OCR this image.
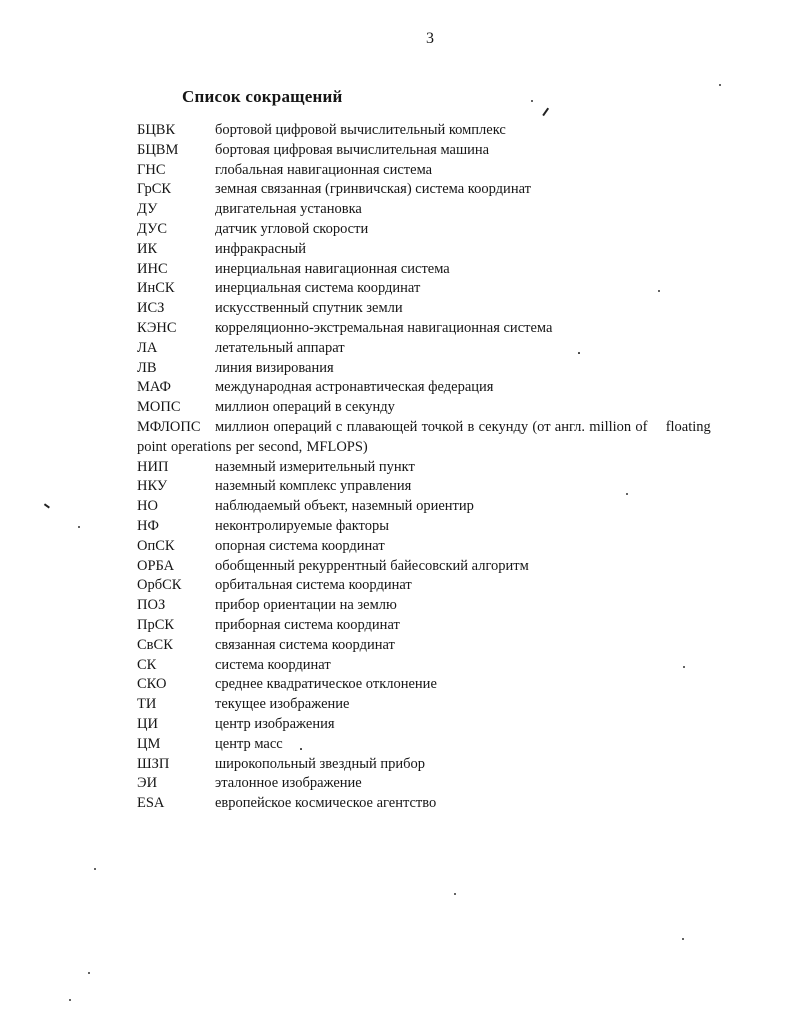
3
Список сокращений
БЦВК	бортовой цифровой вычислительный комплекс
БЦВМ	бортовая цифровая вычислительная машина
ГНС	глобальная навигационная система
ГрСК	земная связанная (гринвичская) система координат
ДУ	двигательная установка
ДУС	датчик угловой скорости
ИК	инфракрасный
ИНС	инерциальная навигационная система
ИнСК	инерциальная система координат
ИСЗ	искусственный спутник земли
КЭНС	корреляционно-экстремальная навигационная система
ЛА	летательный аппарат
ЛВ	линия визирования
МАФ	международная астронавтическая федерация
МОПС миллион операций в секунду
МФЛОПС миллион операций с плавающей точкой в секунду (от англ. million of floating point operations per second, MFLOPS)
НИП	наземный измерительный пункт
НКУ	наземный комплекс управления
НО	наблюдаемый объект, наземный ориентир
НФ	неконтролируемые факторы
ОпСК	опорная система координат
ОРБА	обобщенный рекуррентный байесовский алгоритм
ОрбСК орбитальная система координат
ПОЗ	прибор ориентации на землю
ПрСК	приборная система координат
СвСК	связанная система координат
СК	система координат
СКО	среднее квадратическое отклонение
ТИ	текущее изображение
ЦИ	центр изображения
ЦМ	центр масс
ШЗП	широкопольный звездный прибор
ЭИ	эталонное изображение
ESA	европейское космическое агентство
